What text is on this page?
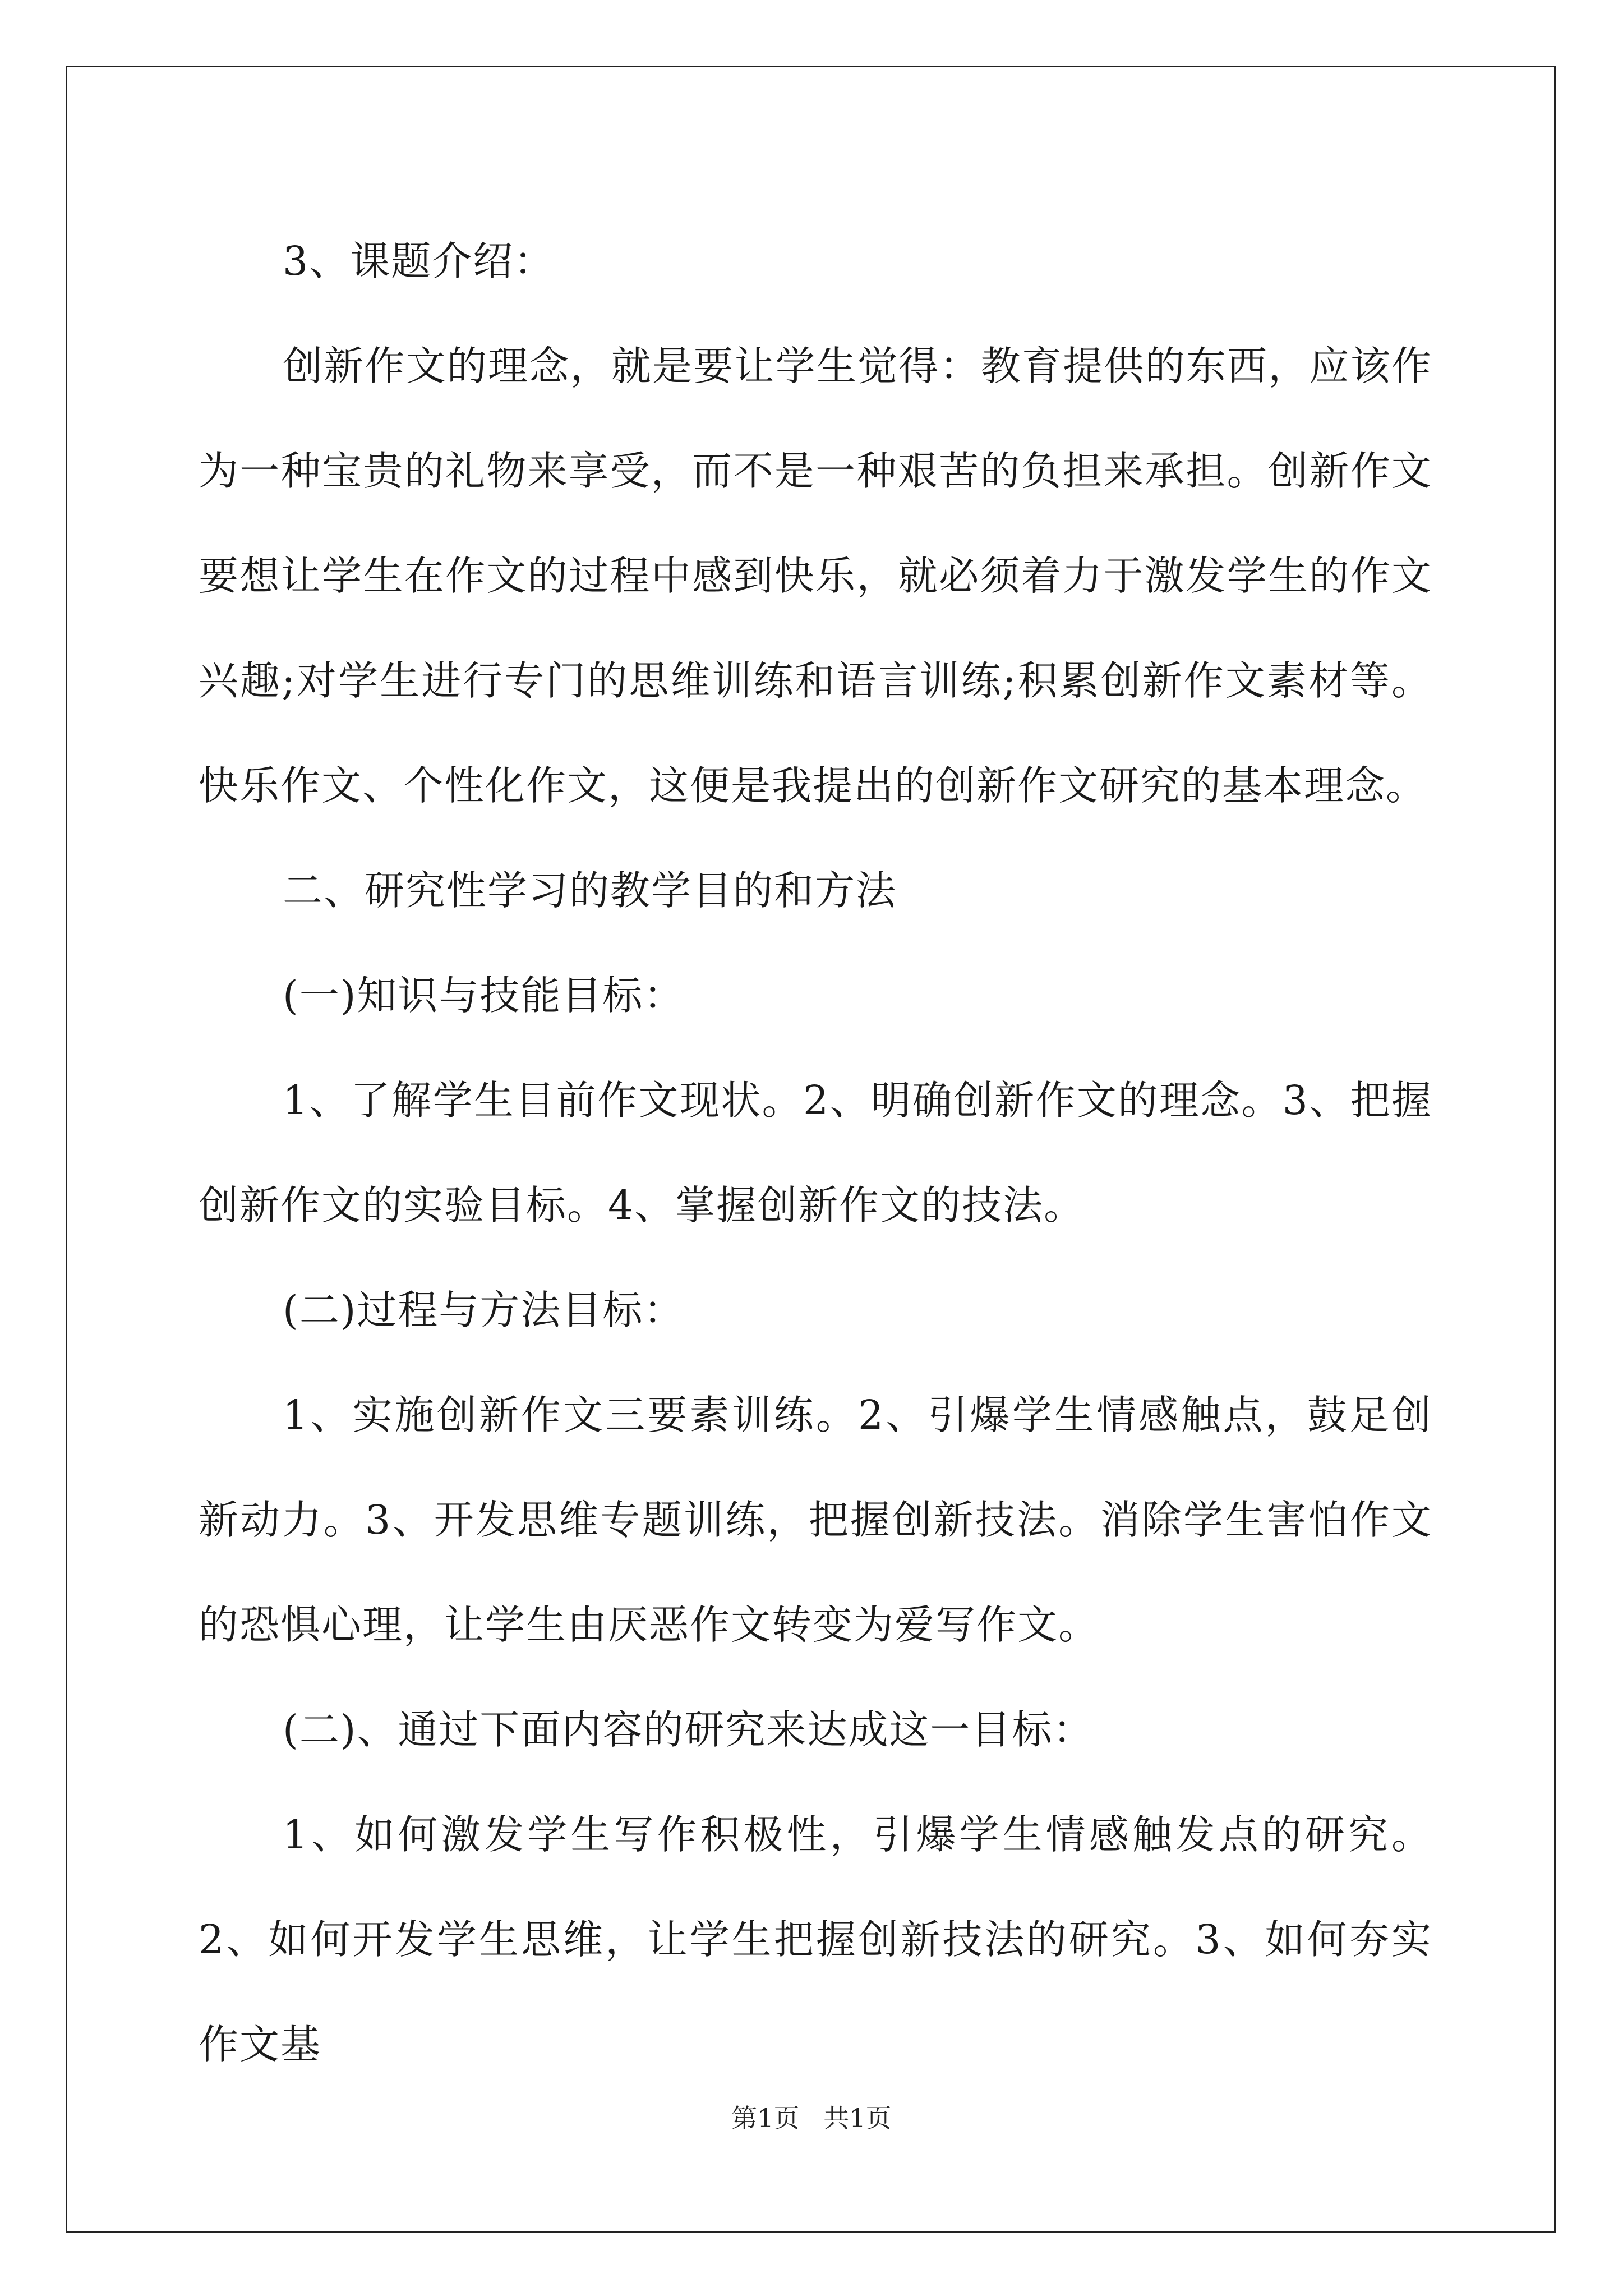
3、课题介绍：

创新作文的理念，就是要让学生觉得：教育提供的东西，应该作为一种宝贵的礼物来享受，而不是一种艰苦的负担来承担。创新作文要想让学生在作文的过程中感到快乐，就必须着力于激发学生的作文兴趣;对学生进行专门的思维训练和语言训练;积累创新作文素材等。快乐作文、个性化作文，这便是我提出的创新作文研究的基本理念。

二、研究性学习的教学目的和方法

(一)知识与技能目标：

1、了解学生目前作文现状。2、明确创新作文的理念。3、把握创新作文的实验目标。4、掌握创新作文的技法。

(二)过程与方法目标：

1、实施创新作文三要素训练。2、引爆学生情感触点，鼓足创新动力。3、开发思维专题训练，把握创新技法。消除学生害怕作文的恐惧心理，让学生由厌恶作文转变为爱写作文。

(二)、通过下面内容的研究来达成这一目标：

1、如何激发学生写作积极性，引爆学生情感触发点的研究。2、如何开发学生思维，让学生把握创新技法的研究。3、如何夯实作文基

第1页 共1页
